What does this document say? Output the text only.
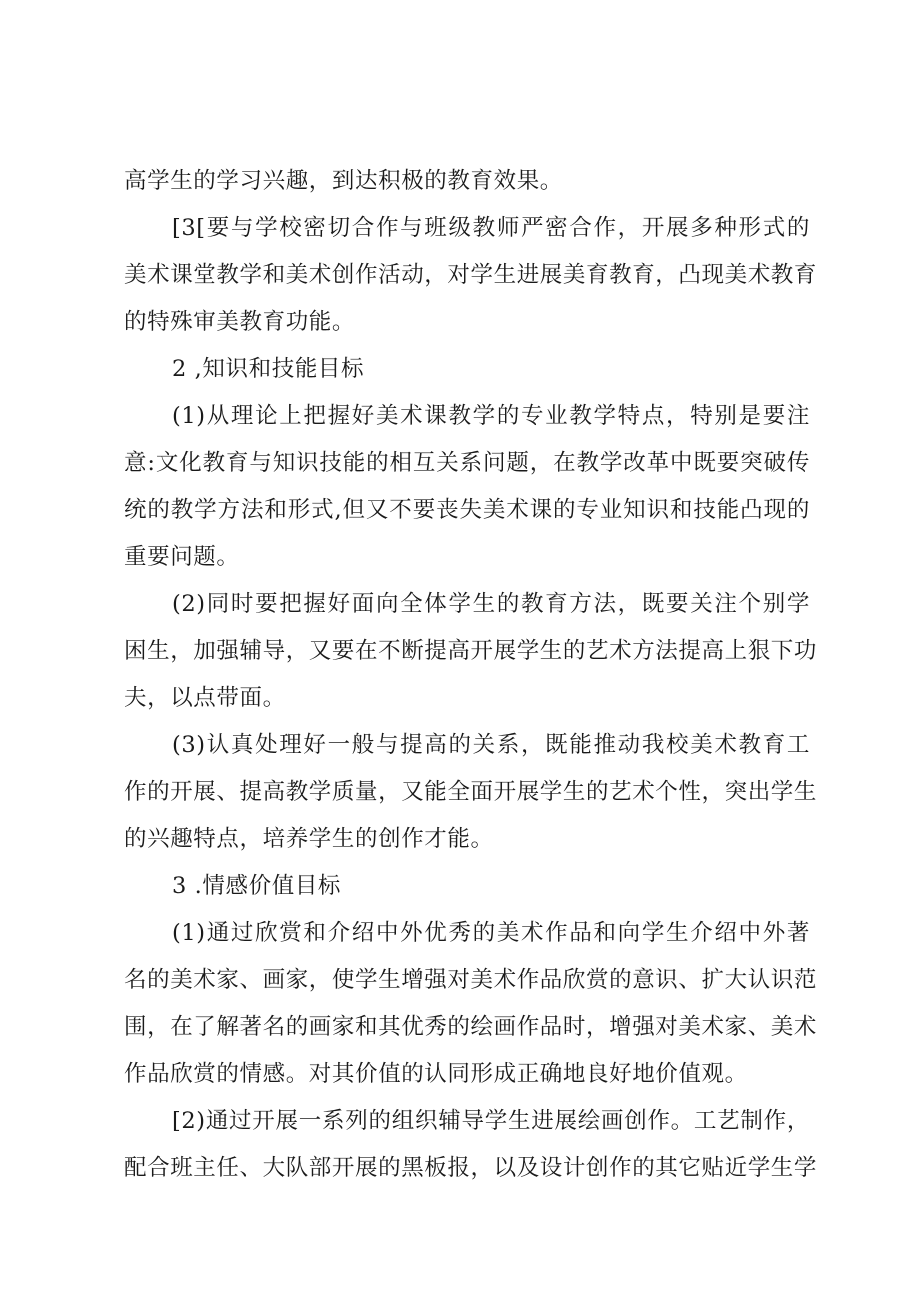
高学生的学习兴趣，到达积极的教育效果。
[3[要与学校密切合作与班级教师严密合作，开展多种形式的
美术课堂教学和美术创作活动，对学生进展美育教育，凸现美术教育
的特殊审美教育功能。
2 ,知识和技能目标
(1)从理论上把握好美术课教学的专业教学特点，特别是要注
意:文化教育与知识技能的相互关系问题，在教学改革中既要突破传
统的教学方法和形式,但又不要丧失美术课的专业知识和技能凸现的
重要问题。
(2)同时要把握好面向全体学生的教育方法，既要关注个别学
困生，加强辅导，又要在不断提高开展学生的艺术方法提高上狠下功
夫，以点带面。
(3)认真处理好一般与提高的关系，既能推动我校美术教育工
作的开展、提高教学质量，又能全面开展学生的艺术个性，突出学生
的兴趣特点，培养学生的创作才能。
3 .情感价值目标
(1)通过欣赏和介绍中外优秀的美术作品和向学生介绍中外著
名的美术家、画家，使学生增强对美术作品欣赏的意识、扩大认识范
围，在了解著名的画家和其优秀的绘画作品时，增强对美术家、美术
作品欣赏的情感。对其价值的认同形成正确地良好地价值观。
[2)通过开展一系列的组织辅导学生进展绘画创作。工艺制作，
配合班主任、大队部开展的黑板报，以及设计创作的其它贴近学生学
